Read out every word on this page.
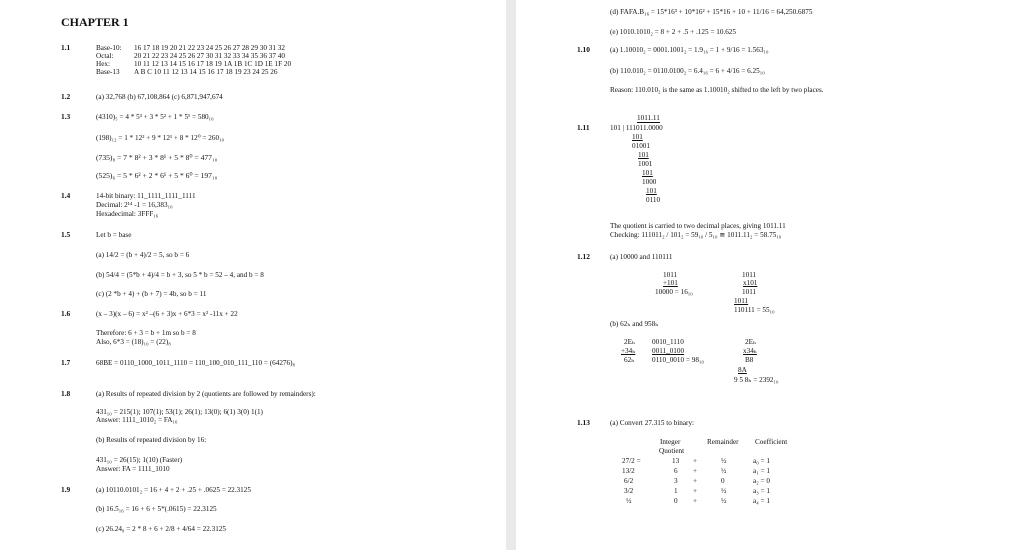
CHAPTER 1
1.1	Base-10: 16 17 18 19 20 21 22 23 24 25 26 27 28 29 30 31 32
Octal:	20 21 22 23 24 25 26 27 30 31 32 33 34 35 36 37 40
Hex:	10 11 12 13 14 15 16 17 18 19 1A 1B 1C 1D 1E 1F 20
Base-13 A B C 10 11 12 13 14 15 16 17 18 19 23 24 25 26
1.2	(a) 32,768 (b) 67,108,864 (c) 6,871,947,674
1.3	(4310)₅ = 4 * 5³ + 3 * 5² + 1 * 5¹ = 580₁₀
(198)₁₂ = 1 * 12² + 9 * 12¹ + 8 * 12⁰ = 260₁₀
(735)₈ = 7 * 8² + 3 * 8¹ + 5 * 8⁰ = 477₁₀
(525)₆ = 5 * 6² + 2 * 6¹ + 5 * 6⁰ = 197₁₀
1.4	14-bit binary: 11_1111_1111_1111
Decimal: 2¹⁴ -1 = 16,383₁₀
Hexadecimal: 3FFF₁₆
1.5	Let b = base
(a) 14/2 = (b + 4)/2 = 5, so b = 6
(b) 54/4 = (5*b + 4)/4 = b + 3, so 5 * b = 52 – 4, and b = 8
(c) (2 *b + 4) + (b + 7) = 4b, so b = 11
1.6	(x – 3)(x – 6) = x² –(6 + 3)x + 6*3 = x² -11x + 22
Therefore: 6 + 3 = b + 1m so b = 8
Also, 6*3 = (18)₁₀ = (22)₈
1.7	68BE = 0110_1000_1011_1110 = 110_100_010_111_110 = (64276)₈
1.8	(a) Results of repeated division by 2 (quotients are followed by remainders):
431₁₀ = 215(1); 107(1); 53(1); 26(1); 13(0); 6(1) 3(0) 1(1)
Answer: 1111_1010₂ = FA₁₆
(b) Results of repeated division by 16:
431₁₀ = 26(15); 1(10) (Faster)
Answer: FA = 1111_1010
1.9	(a) 10110.0101₂ = 16 + 4 + 2 + .25 + .0625 = 22.3125
(b) 16.5₁₆ = 16 + 6 + 5*(.0615) = 22.3125
(c) 26.24₈ = 2 * 8 + 6 + 2/8 + 4/64 = 22.3125
(d) FAFA.B₁₆ = 15*16³ + 10*16² + 15*16 + 10 + 11/16 = 64,250.6875
(e) 1010.1010₂ = 8 + 2 + .5 + .125 = 10.625
1.10	(a) 1.10010₂ = 0001.1001₂ = 1.9₁₆ = 1 + 9/16 = 1.563₁₀
(b) 110.010₂ = 0110.0100₂ = 6.4₁₆ = 6 + 4/16 = 6.25₁₀
Reason: 110.010₂ is the same as 1.10010₂ shifted to the left by two places.
1.11
1011.11
101 | 111011.0000
101
01001
101
1001
101
1000
101
0110
The quotient is carried to two decimal places, giving 1011.11
Checking: 111011₂ / 101₂ = 59₁₀ / 5₁₀ ≅ 1011.11₂ = 58.75₁₀
1.12	(a) 10000 and 110111
1011
+101
10000 = 16₁₀
1011
x101
1011
1011
110111 = 55₁₀
(b) 62ₕ and 958ₕ
2Eₕ 0010_1110
+34ₕ 0011_0100
62ₕ 0110_0010 = 98₁₀
2Eₕ
x34ₕ
B8
8A
9 5 8ₕ = 2392₁₀
1.13	(a) Convert 27.315 to binary:
Integer
Quotient
Remainder Coefficient
27/2 =	13 +	½	a₀ = 1
13/2	6 +	½	a₁ = 1
6/2	3 +	0	a₂ = 0
3/2	1 +	½	a₃ = 1
½	0 +	½	a₄ = 1
